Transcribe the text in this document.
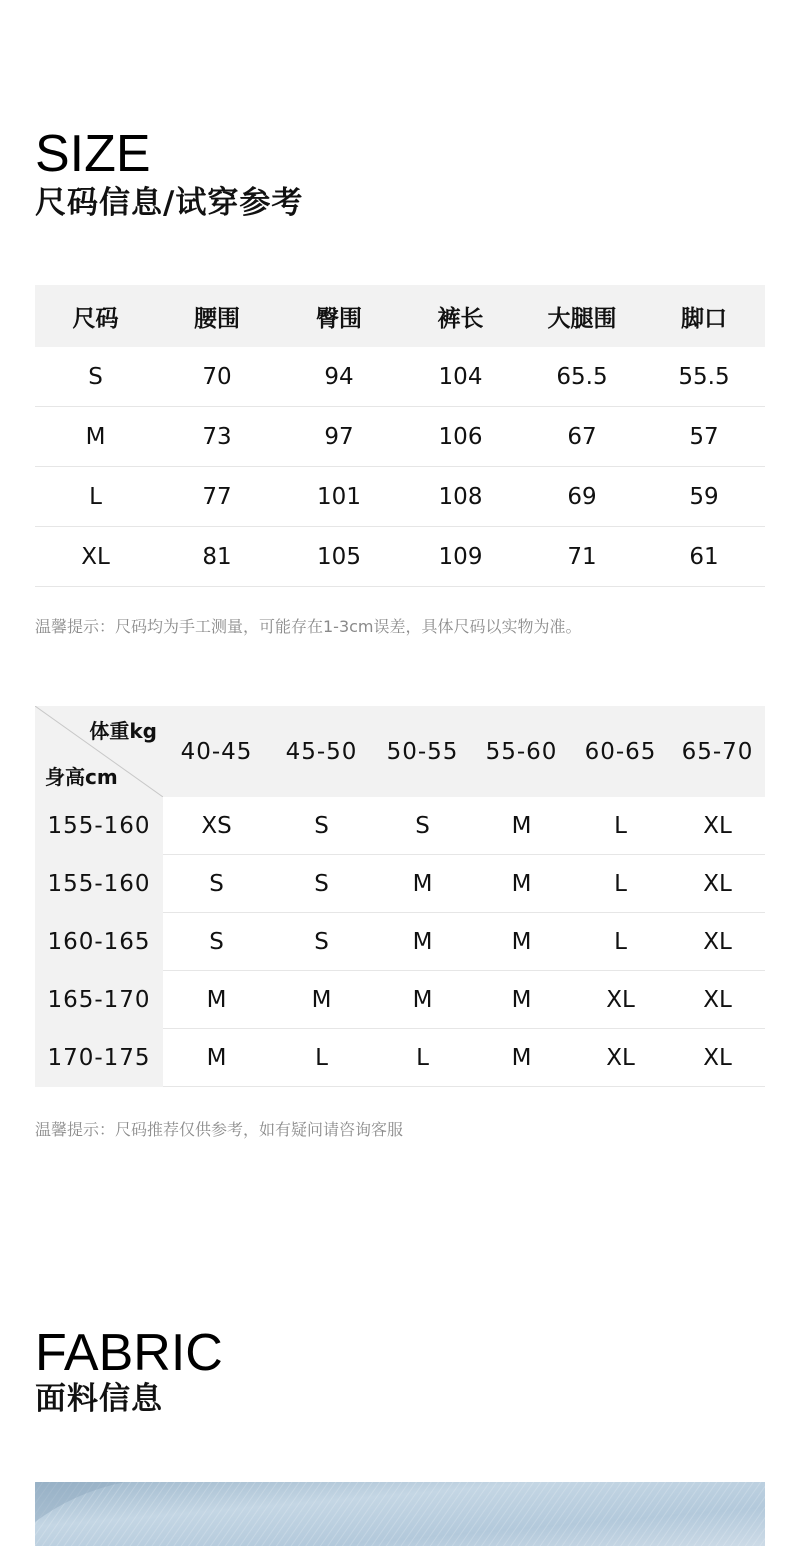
SIZE
尺码信息/试穿参考
尺码	腰围	臀围	裤长	大腿围	脚口
S	70	94	104	65.5	55.5
M	73	97	106	67	57
L	77	101	108	69	59
XL	81	105	109	71	61
温馨提示：尺码均为手工测量，可能存在1-3cm误差，具体尺码以实物为准。
体重kg
身高cm	40-45	45-50	50-55	55-60	60-65	65-70
155-160	XS	S	S	M	L	XL
155-160	S	S	M	M	L	XL
160-165	S	S	M	M	L	XL
165-170	M	M	M	M	XL	XL
170-175	M	L	L	M	XL	XL
温馨提示：尺码推荐仅供参考，如有疑问请咨询客服
FABRIC
面料信息
